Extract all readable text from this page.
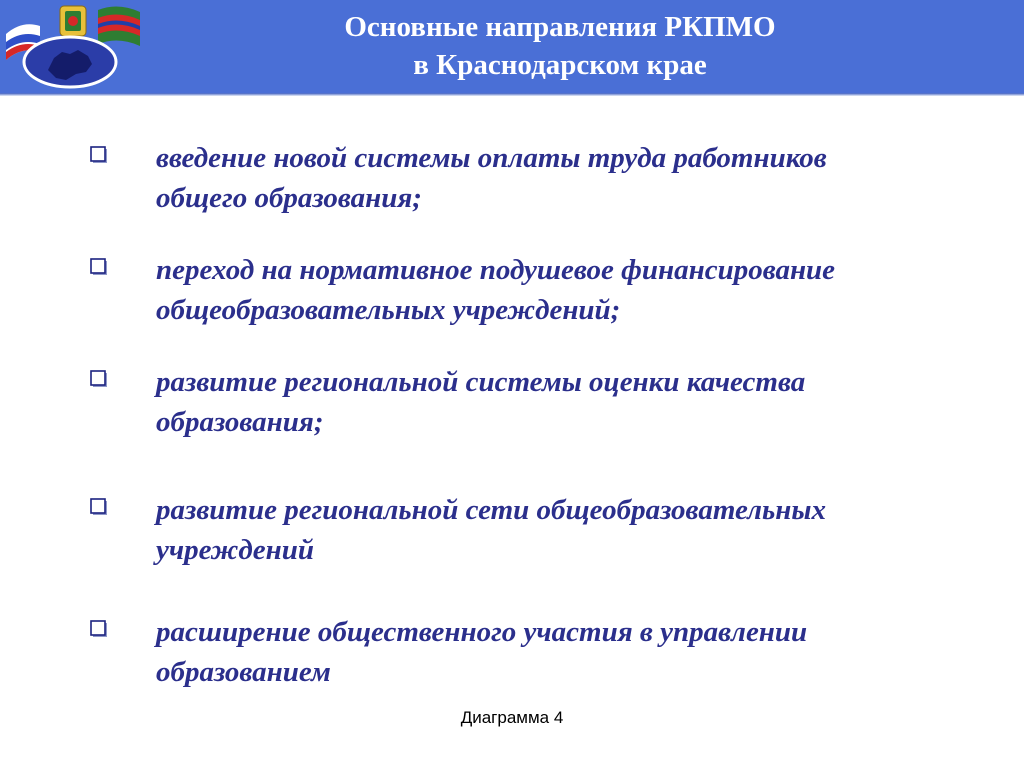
Основные направления РКПМО
в Краснодарском крае
введение новой системы оплаты труда работников
общего образования;
переход на нормативное подушевое финансирование
общеобразовательных учреждений;
развитие региональной системы оценки качества
образования;
развитие региональной сети общеобразовательных
учреждений
расширение общественного участия в управлении
образованием
Диаграмма 4
